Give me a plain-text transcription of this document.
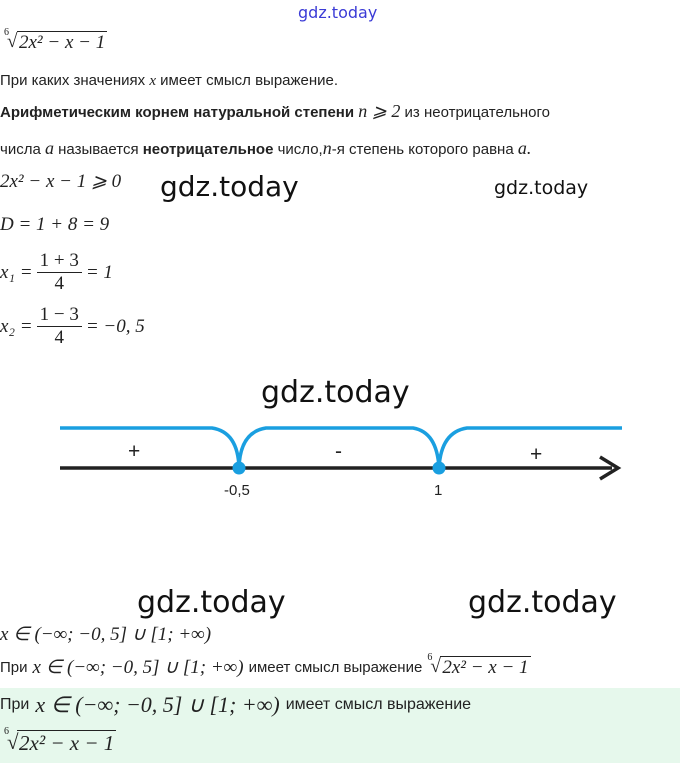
gdz.today
6
√ 2x² − x − 1
При каких значениях x имеет смысл выражение.
Арифметическим корнем натуральной степени n ⩾ 2 из неотрицательного
числа a называется неотрицательное число,n-я степень которого равна a.
2x² − x − 1 ⩾ 0 gdz.today	gdz.today
D = 1 + 8 = 9
$x_1 = \frac{1 + 3}{4} = 1$
$x_2 = \frac{1 - 3}{4} = -0$, 5
gdz.today
+	-	+
-0,5	1
gdz.today	gdz.today
x ∈ (−∞; −0, 5] ∪ [1; +∞)
При x ∈ (−∞; −0, 5] ∪ [1; +∞) имеет смысл выражение
6
√ 2x² − x − 1
При x ∈ (−∞; −0, 5] ∪ [1; +∞) имеет смысл выражение
6
√ 2x² − x − 1
